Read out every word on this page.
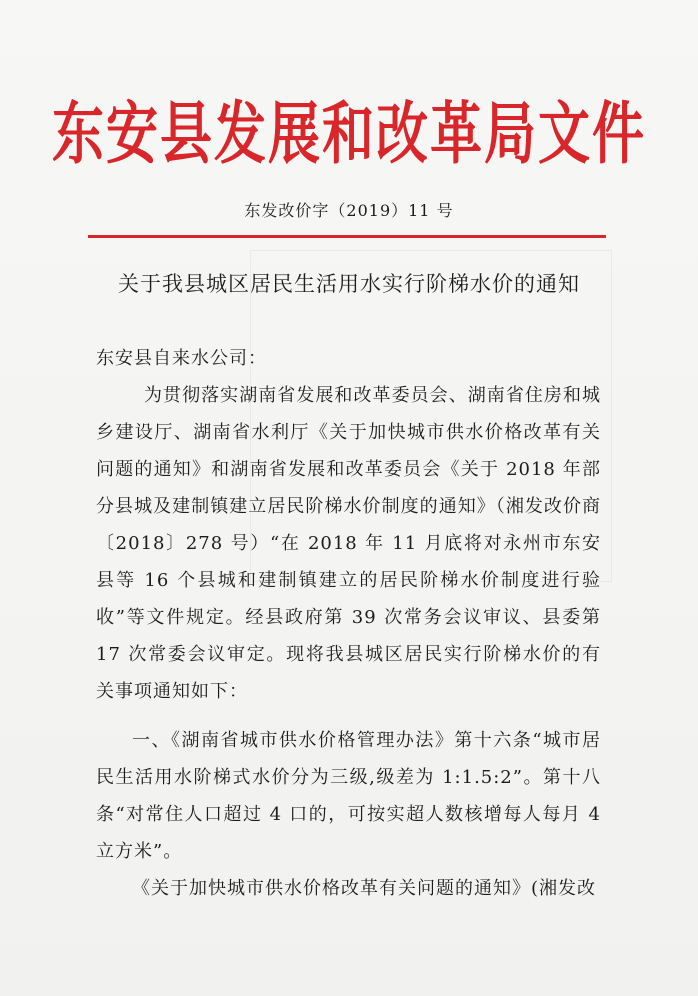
东安县发展和改革局文件
东发改价字（2019）11 号
关于我县城区居民生活用水实行阶梯水价的通知
东安县自来水公司：
为贯彻落实湖南省发展和改革委员会、湖南省住房和城乡建设厅、湖南省水利厅《关于加快城市供水价格改革有关问题的通知》和湖南省发展和改革委员会《关于 2018 年部分县城及建制镇建立居民阶梯水价制度的通知》（湘发改价商〔2018〕278 号）“在 2018 年 11 月底将对永州市东安县等 16 个县城和建制镇建立的居民阶梯水价制度进行验收”等文件规定。经县政府第 39 次常务会议审议、县委第 17 次常委会议审定。现将我县城区居民实行阶梯水价的有关事项通知如下：
一、《湖南省城市供水价格管理办法》第十六条“城市居民生活用水阶梯式水价分为三级,级差为 1:1.5:2”。第十八条“对常住人口超过 4 口的，可按实超人数核增每人每月 4 立方米”。
《关于加快城市供水价格改革有关问题的通知》(湘发改
